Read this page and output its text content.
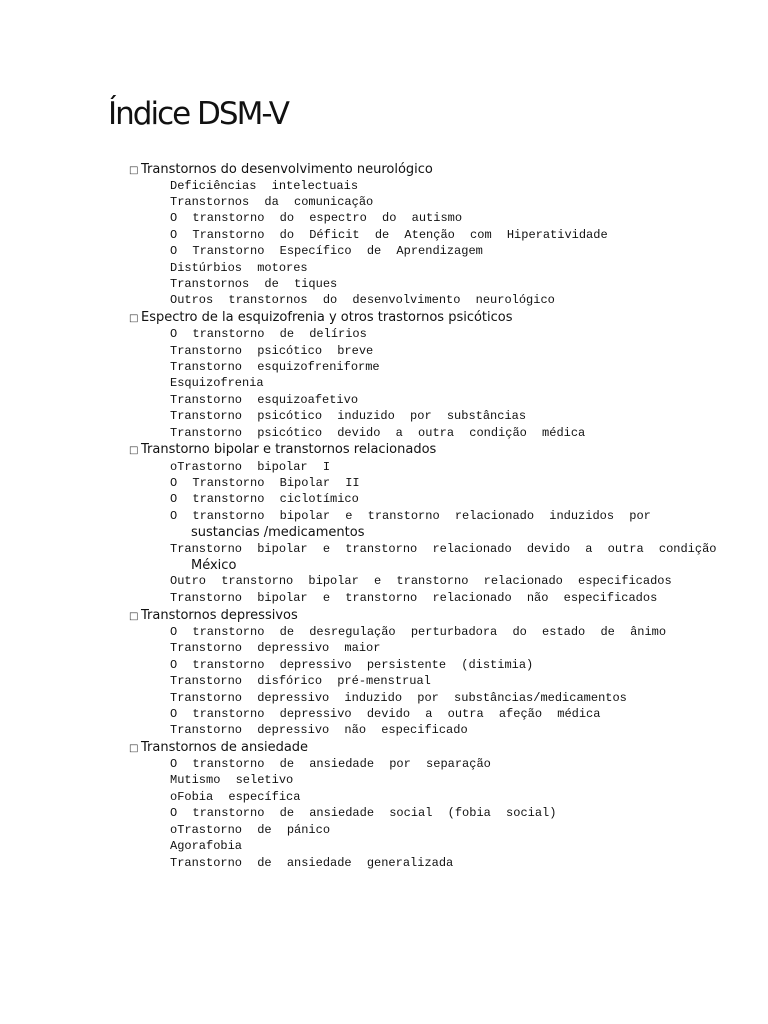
Índice DSM-V
□ Transtornos do desenvolvimento neurológico
Deficiências intelectuais
Transtornos da comunicação
O transtorno do espectro do autismo
O Transtorno do Déficit de Atenção com Hiperatividade
O Transtorno Específico de Aprendizagem
Distúrbios motores
Transtornos de tiques
Outros transtornos do desenvolvimento neurológico
□ Espectro de la esquizofrenia y otros trastornos psicóticos
O transtorno de delírios
Transtorno psicótico breve
Transtorno esquizofreniforme
Esquizofrenia
Transtorno esquizoafetivo
Transtorno psicótico induzido por substâncias
Transtorno psicótico devido a outra condição médica
□ Transtorno bipolar e transtornos relacionados
oTrastorno bipolar I
O Transtorno Bipolar II
O transtorno ciclotímico
O transtorno bipolar e transtorno relacionado induzidos por
sustancias /medicamentos
Transtorno bipolar e transtorno relacionado devido a outra condição
México
Outro transtorno bipolar e transtorno relacionado especificados
Transtorno bipolar e transtorno relacionado não especificados
□ Transtornos depressivos
O transtorno de desregulação perturbadora do estado de ânimo
Transtorno depressivo maior
O transtorno depressivo persistente (distimia)
Transtorno disfórico pré-menstrual
Transtorno depressivo induzido por substâncias/medicamentos
O transtorno depressivo devido a outra afeção médica
Transtorno depressivo não especificado
□ Transtornos de ansiedade
O transtorno de ansiedade por separação
Mutismo seletivo
oFobia específica
O transtorno de ansiedade social (fobia social)
oTrastorno de pánico
Agorafobia
Transtorno de ansiedade generalizada
